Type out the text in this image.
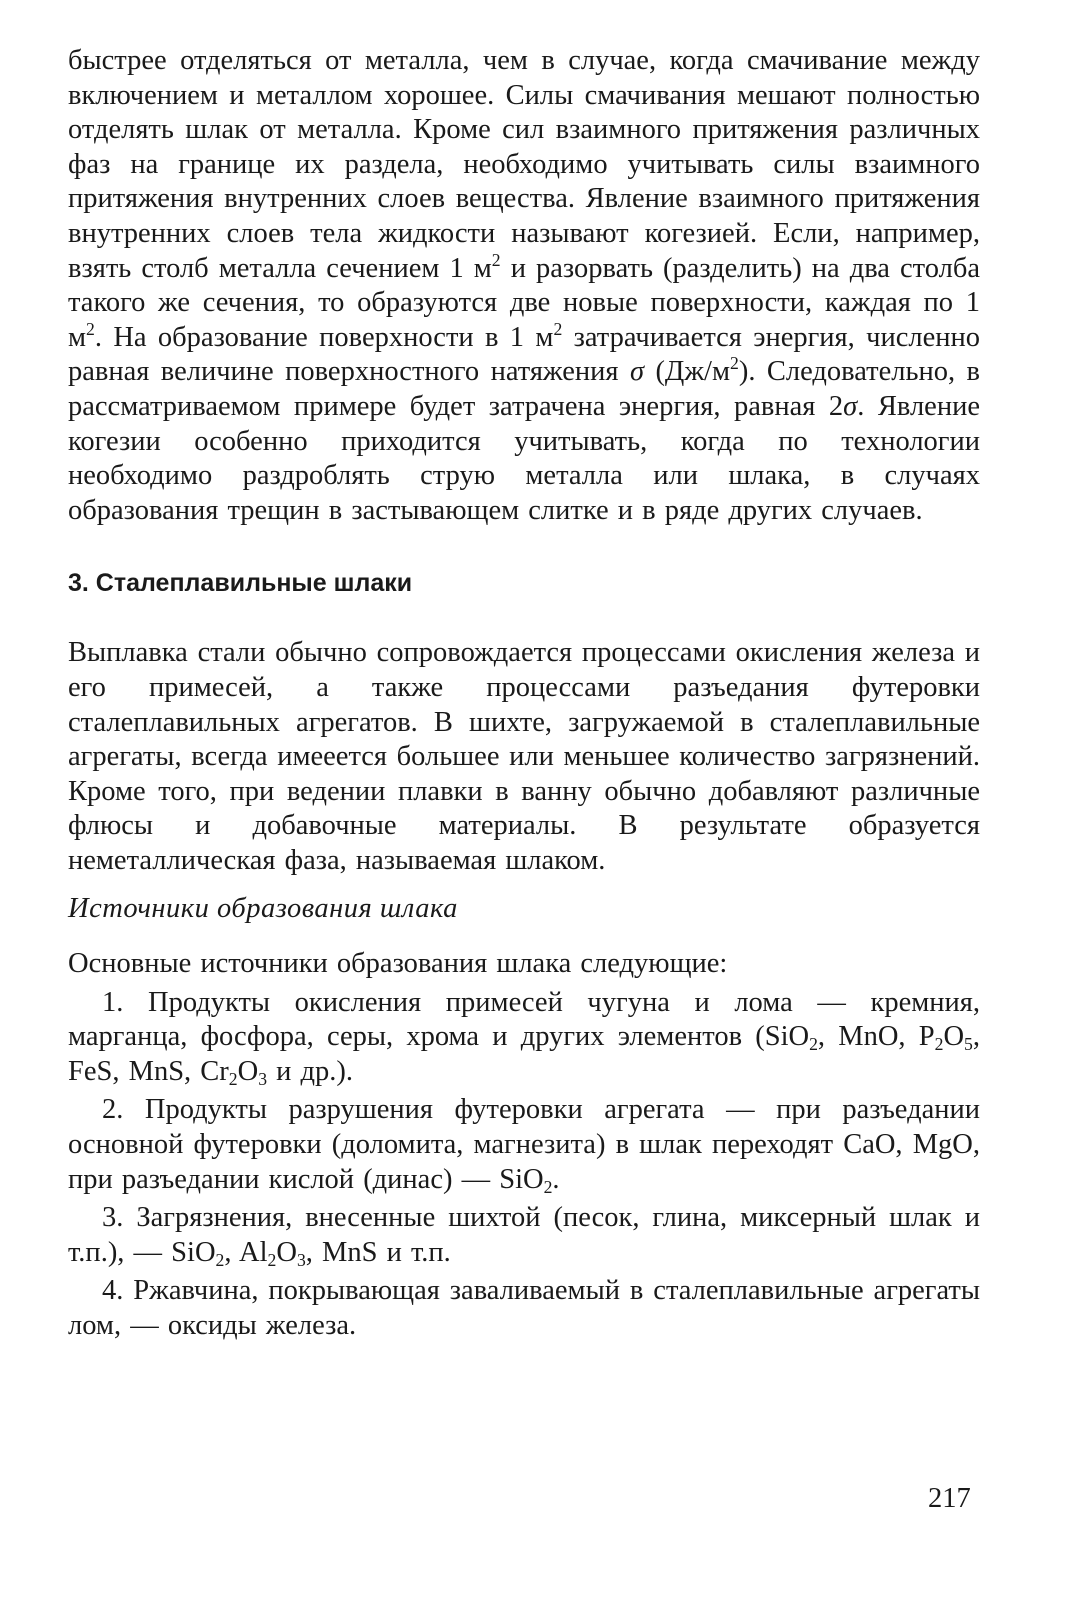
быстрее отделяться от металла, чем в случае, когда смачивание между включением и металлом хорошее. Силы смачивания мешают полностью отделять шлак от металла. Кроме сил взаимного притяжения различных фаз на границе их раздела, необходимо учитывать силы взаимного притяжения внутренних слоев вещества. Явление взаимного притяжения внутренних слоев тела жидкости называют когезией. Если, например, взять столб металла сечением 1 $м^2$ и разорвать (разделить) на два столба такого же сечения, то образуются две новые поверхности, каждая по 1 $м^2$. На образование поверхности в 1 $м^2$ затрачивается энергия, численно равная величине поверхностного натяжения σ $(Дж/м^2)$. Следовательно, в рассматриваемом примере будет затрачена энергия, равная 2σ. Явление когезии особенно приходится учитывать, когда по технологии необходимо раздроблять струю металла или шлака, в случаях образования трещин в застывающем слитке и в ряде других случаев.

3. Сталеплавильные шлаки

Выплавка стали обычно сопровождается процессами окисления железа и его примесей, а также процессами разъедания футеровки сталеплавильных агрегатов. В шихте, загружаемой в сталеплавильные агрегаты, всегда имееется большее или меньшее количество загрязнений. Кроме того, при ведении плавки в ванну обычно добавляют различные флюсы и добавочные материалы. В результате образуется неметаллическая фаза, называемая шлаком.

Источники образования шлака

Основные источники образования шлака следующие:

1. Продукты окисления примесей чугуна и лома — кремния, марганца, фосфора, серы, хрома и других элементов (SiO$_2$, MnO, $P_2O_5$, FeS, MnS, $Cr_2O_3$ и др.).

2. Продукты разрушения футеровки агрегата — при разъедании основной футеровки (доломита, магнезита) в шлак переходят CaO, MgO, при разъедании кислой (динас) — SiO$_2$.

3. Загрязнения, внесенные шихтой (песок, глина, миксерный шлак и т.п.), — SiO$_2$, $Al_2O_3$, MnS и т.п.

4. Ржавчина, покрывающая заваливаемый в сталеплавильные агрегаты лом, — оксиды железа.

217
